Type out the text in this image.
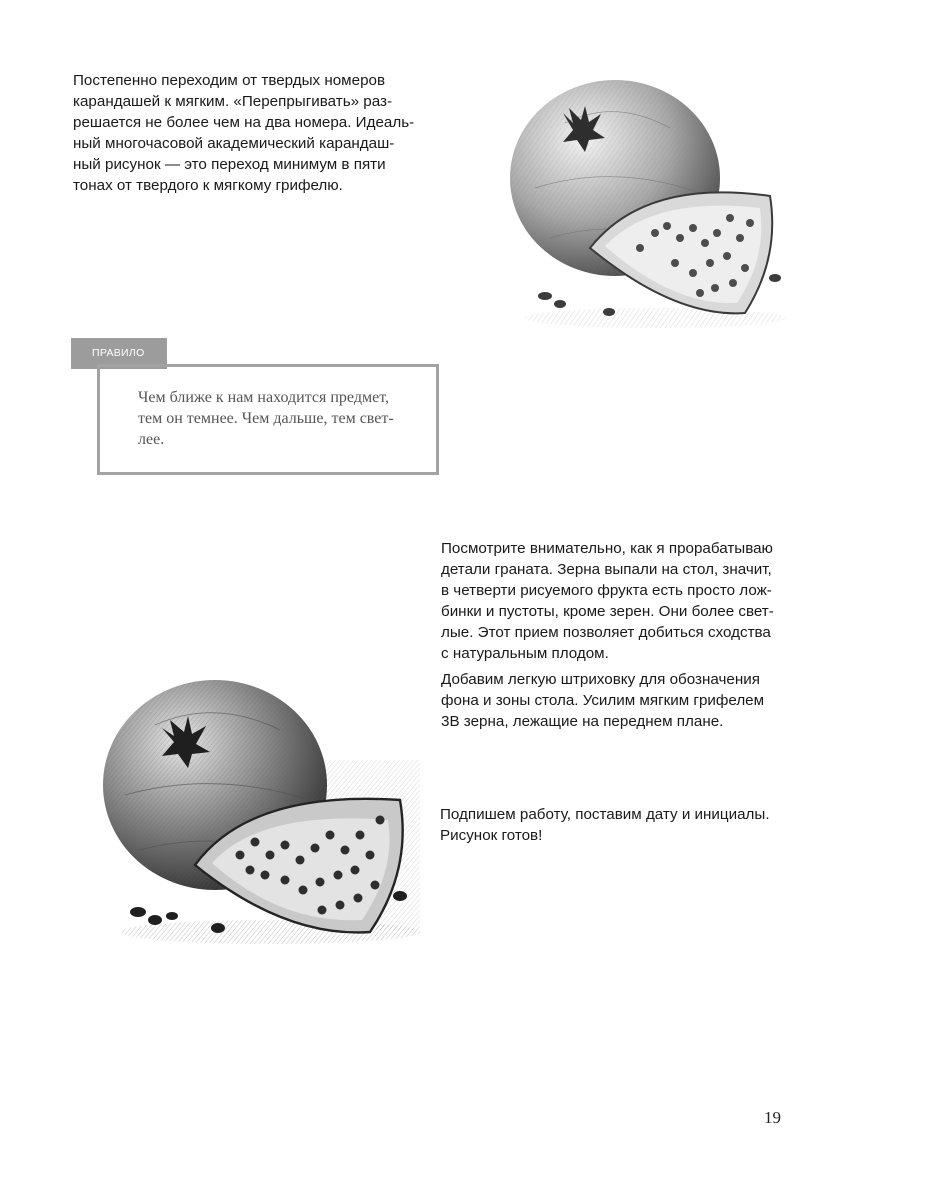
Постепенно переходим от твердых номеров
карандашей к мягким. «Перепрыгивать» раз-
решается не более чем на два номера. Идеаль-
ный многочасовой академический карандаш-
ный рисунок — это переход минимум в пяти
тонах от твердого к мягкому грифелю.

ПРАВИЛО

Чем ближе к нам находится предмет,
тем он темнее. Чем дальше, тем свет-
лее.

Посмотрите внимательно, как я прорабатываю
детали граната. Зерна выпали на стол, значит,
в четверти рисуемого фрукта есть просто лож-
бинки и пустоты, кроме зерен. Они более свет-
лые. Этот прием позволяет добиться сходства
с натуральным плодом.

Добавим легкую штриховку для обозначения
фона и зоны стола. Усилим мягким грифелем
3В зерна, лежащие на переднем плане.

Подпишем работу, поставим дату и инициалы.
Рисунок готов!

19
